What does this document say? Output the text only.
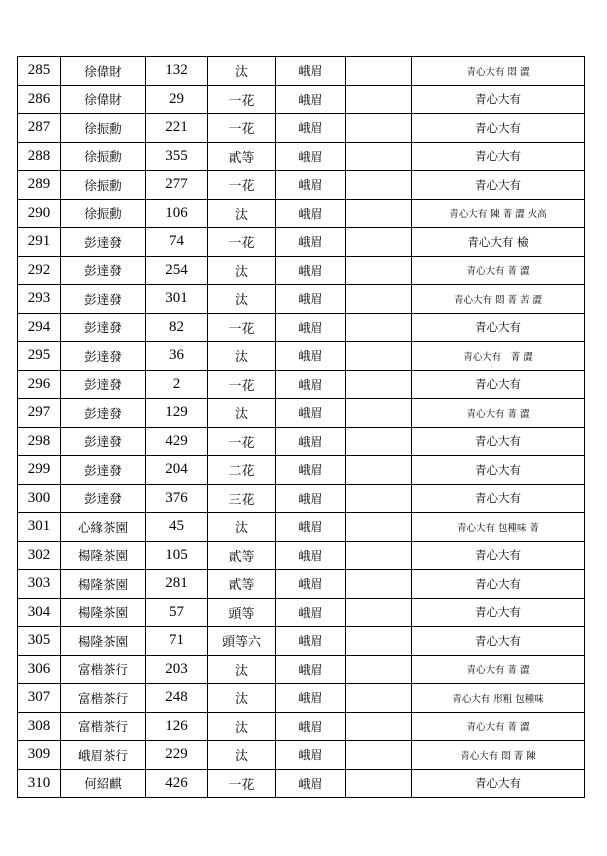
285	徐偉財	132	汰	峨眉		青心大有 悶 澀
286	徐偉財	29	一花	峨眉		青心大有
287	徐振勳	221	一花	峨眉		青心大有
288	徐振勳	355	貳等	峨眉		青心大有
289	徐振勳	277	一花	峨眉		青心大有
290	徐振勳	106	汰	峨眉		青心大有 陳 菁 澀 火高
291	彭達發	74	一花	峨眉		青心大有 檢
292	彭達發	254	汰	峨眉		青心大有 菁 澀
293	彭達發	301	汰	峨眉		青心大有 悶 菁 苦 澀
294	彭達發	82	一花	峨眉		青心大有
295	彭達發	36	汰	峨眉		青心大有　菁 澀
296	彭達發	2	一花	峨眉		青心大有
297	彭達發	129	汰	峨眉		青心大有 菁 澀
298	彭達發	429	一花	峨眉		青心大有
299	彭達發	204	二花	峨眉		青心大有
300	彭達發	376	三花	峨眉		青心大有
301	心緣茶園	45	汰	峨眉		青心大有 包種味 菁
302	楊隆茶園	105	貳等	峨眉		青心大有
303	楊隆茶園	281	貳等	峨眉		青心大有
304	楊隆茶園	57	頭等	峨眉		青心大有
305	楊隆茶園	71	頭等六	峨眉		青心大有
306	富楷茶行	203	汰	峨眉		青心大有 菁 澀
307	富楷茶行	248	汰	峨眉		青心大有 形粗 包種味
308	富楷茶行	126	汰	峨眉		青心大有 菁 澀
309	峨眉茶行	229	汰	峨眉		青心大有 悶 菁 陳
310	何紹麒	426	一花	峨眉		青心大有
